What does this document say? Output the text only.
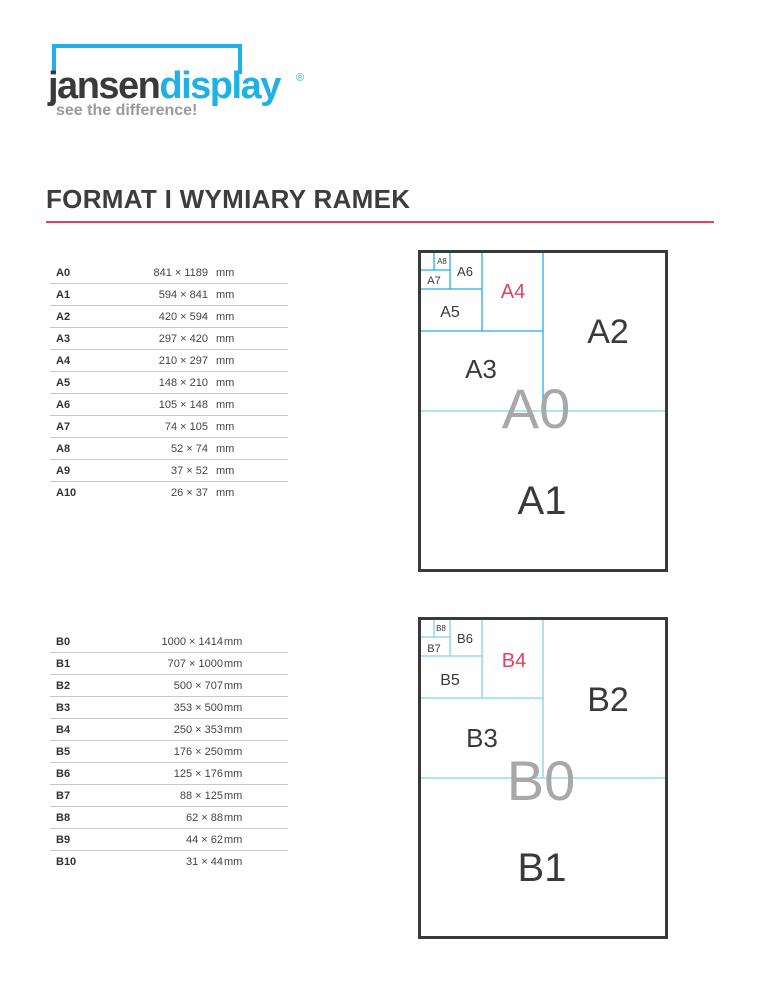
jansendisplay ®
see the difference!
FORMAT I WYMIARY RAMEK
A0	841 × 1189 mm
A1	594 × 841 mm
A2	420 × 594 mm
A3	297 × 420 mm
A4	210 × 297 mm
A5	148 × 210 mm
A6	105 × 148 mm
A7	74 × 105 mm
A8	52 × 74 mm
A9	37 × 52 mm
A10	26 × 37 mm
B0	1000 × 1414 mm
B1	707 × 1000 mm
B2	500 × 707 mm
B3	353 × 500 mm
B4	250 × 353 mm
B5	176 × 250 mm
B6	125 × 176 mm
B7	88 × 125 mm
B8	62 × 88 mm
B9	44 × 62 mm
B10	31 × 44 mm
A0
A1
A2
A3
A4
A5
A6
A7
A8
B0
B1
B2
B3
B4
B5
B6
B7
B8
